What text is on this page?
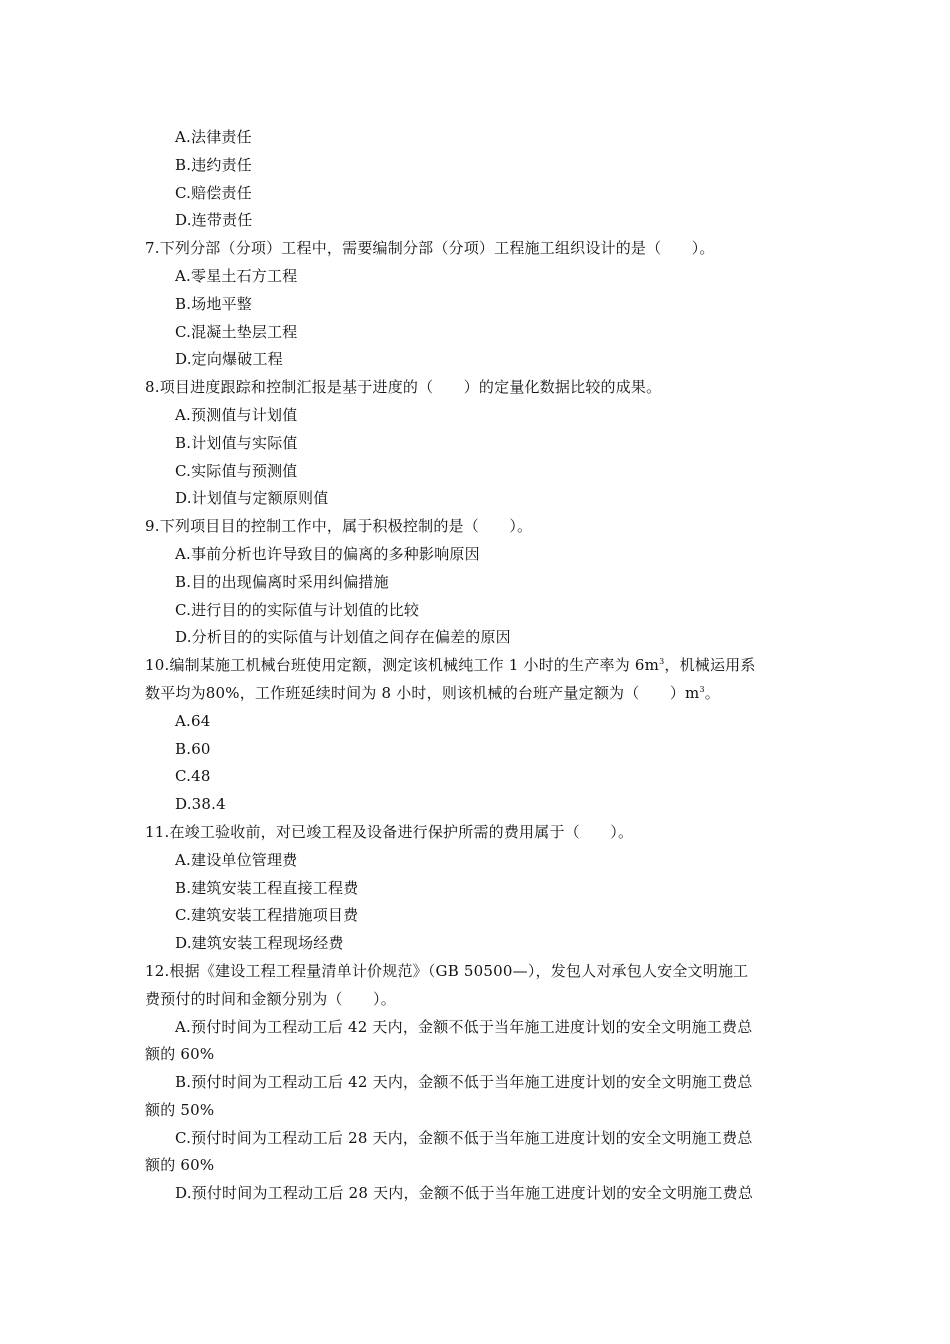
A.法律责任
B.违约责任
C.赔偿责任
D.连带责任
7.下列分部（分项）工程中，需要编制分部（分项）工程施工组织设计的是（　　）。
A.零星土石方工程
B.场地平整
C.混凝土垫层工程
D.定向爆破工程
8.项目进度跟踪和控制汇报是基于进度的（　　）的定量化数据比较的成果。
A.预测值与计划值
B.计划值与实际值
C.实际值与预测值
D.计划值与定额原则值
9.下列项目目的控制工作中，属于积极控制的是（　　）。
A.事前分析也许导致目的偏离的多种影响原因
B.目的出现偏离时采用纠偏措施
C.进行目的的实际值与计划值的比较
D.分析目的的实际值与计划值之间存在偏差的原因
10.编制某施工机械台班使用定额，测定该机械纯工作 1 小时的生产率为 $6m^3$，机械运用系
数平均为80%，工作班延续时间为 8 小时，则该机械的台班产量定额为（　　）$m^3$。
A.64
B.60
C.48
D.38.4
11.在竣工验收前，对已竣工程及设备进行保护所需的费用属于（　　）。
A.建设单位管理费
B.建筑安装工程直接工程费
C.建筑安装工程措施项目费
D.建筑安装工程现场经费
12.根据《建设工程工程量清单计价规范》（GB 50500—），发包人对承包人安全文明施工
费预付的时间和金额分别为（　　）。
A.预付时间为工程动工后 42 天内，金额不低于当年施工进度计划的安全文明施工费总
额的 60%
B.预付时间为工程动工后 42 天内，金额不低于当年施工进度计划的安全文明施工费总
额的 50%
C.预付时间为工程动工后 28 天内，金额不低于当年施工进度计划的安全文明施工费总
额的 60%
D.预付时间为工程动工后 28 天内，金额不低于当年施工进度计划的安全文明施工费总
